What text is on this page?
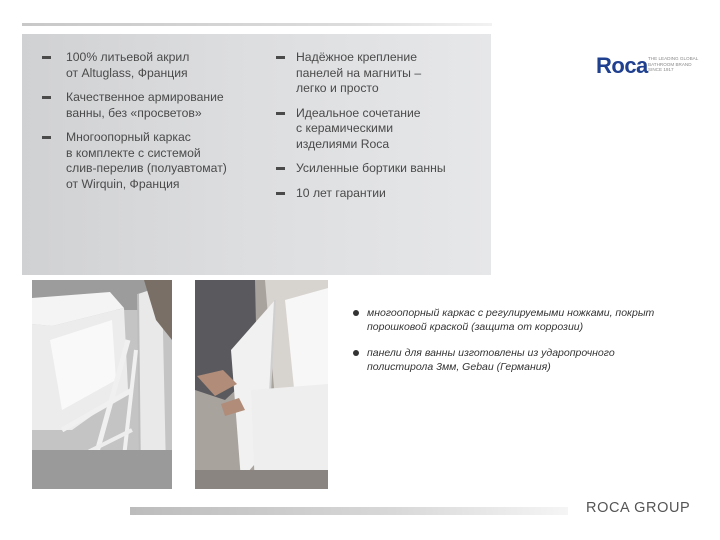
100% литьевой акрил
от Altuglass, Франция
Качественное армирование
ванны, без «просветов»
Многоопорный каркас
в комплекте с системой
слив-перелив (полуавтомат)
от Wirquin, Франция
Надёжное крепление
панелей на магниты –
легко и просто
Идеальное сочетание
с керамическими
изделиями Roca
Усиленные бортики ванны
10 лет гарантии
Roca THE LEADING GLOBAL
BATHROOM BRAND
SINCE 1917
многоопорный каркас с регулируемыми ножками, покрыт
порошковой краской (защита от коррозии)
панели для ванны изготовлены из ударопрочного
полистирола 3мм, Gebau (Германия)
ROCA GROUP
